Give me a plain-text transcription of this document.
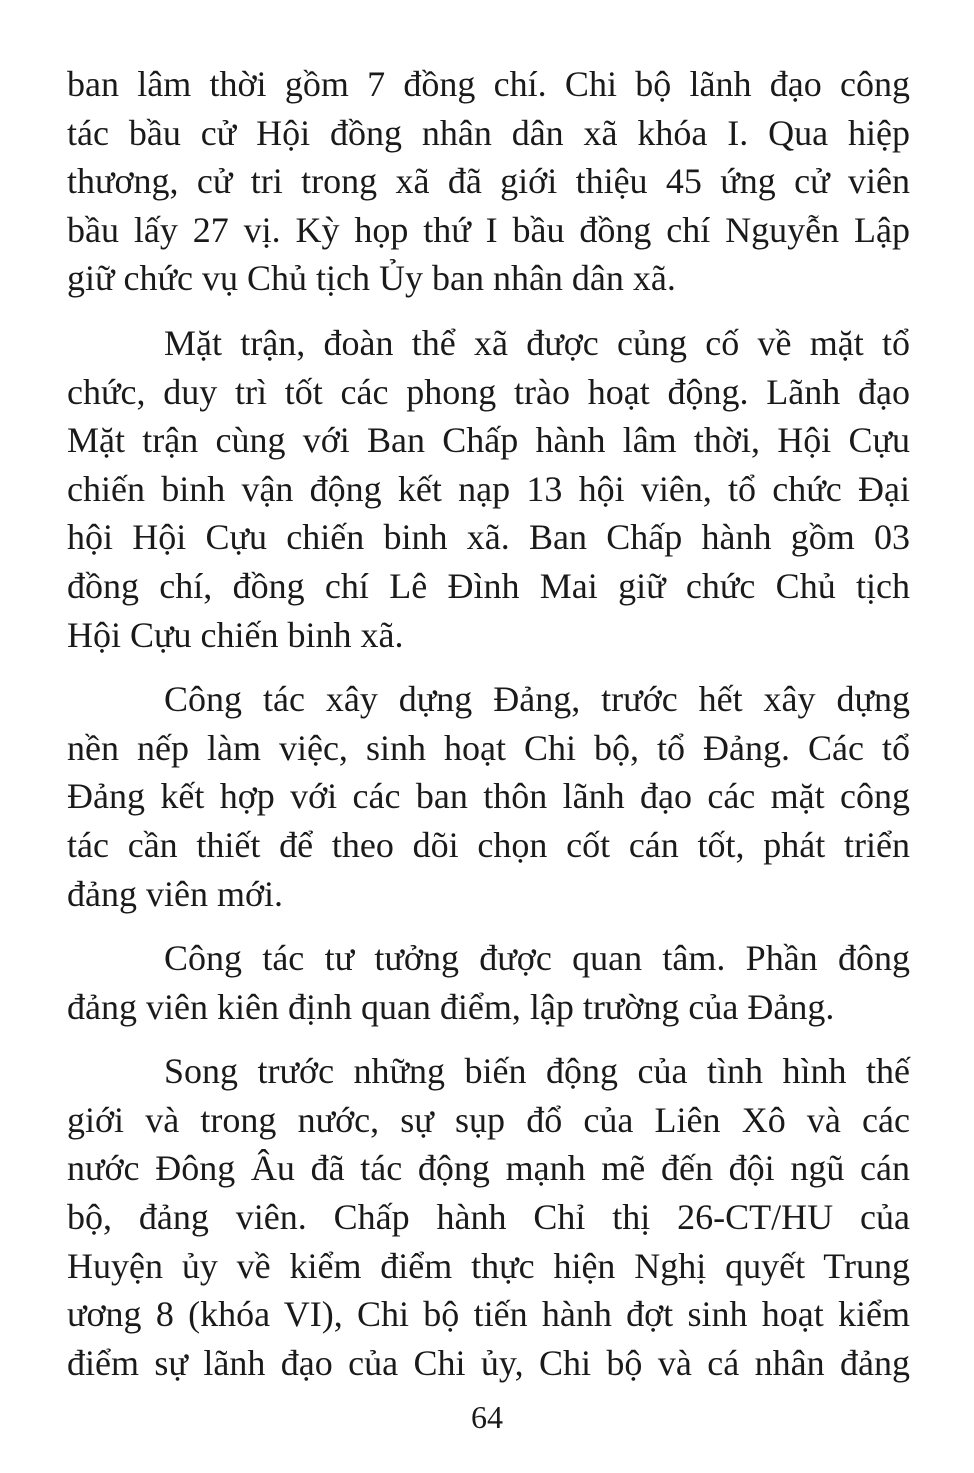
ban lâm thời gồm 7 đồng chí. Chi bộ lãnh đạo công
tác bầu cử Hội đồng nhân dân xã khóa I. Qua hiệp
thương, cử tri trong xã đã giới thiệu 45 ứng cử viên
bầu lấy 27 vị. Kỳ họp thứ I bầu đồng chí Nguyễn Lập
giữ chức vụ Chủ tịch Ủy ban nhân dân xã.
Mặt trận, đoàn thể xã được củng cố về mặt tổ
chức, duy trì tốt các phong trào hoạt động. Lãnh đạo
Mặt trận cùng với Ban Chấp hành lâm thời, Hội Cựu
chiến binh vận động kết nạp 13 hội viên, tổ chức Đại
hội Hội Cựu chiến binh xã. Ban Chấp hành gồm 03
đồng chí, đồng chí Lê Đình Mai giữ chức Chủ tịch
Hội Cựu chiến binh xã.
Công tác xây dựng Đảng, trước hết xây dựng
nền nếp làm việc, sinh hoạt Chi bộ, tổ Đảng. Các tổ
Đảng kết hợp với các ban thôn lãnh đạo các mặt công
tác cần thiết để theo dõi chọn cốt cán tốt, phát triển
đảng viên mới.
Công tác tư tưởng được quan tâm. Phần đông
đảng viên kiên định quan điểm, lập trường của Đảng.
Song trước những biến động của tình hình thế
giới và trong nước, sự sụp đổ của Liên Xô và các
nước Đông Âu đã tác động mạnh mẽ đến đội ngũ cán
bộ, đảng viên. Chấp hành Chỉ thị 26-CT/HU của
Huyện ủy về kiểm điểm thực hiện Nghị quyết Trung
ương 8 (khóa VI), Chi bộ tiến hành đợt sinh hoạt kiểm
điểm sự lãnh đạo của Chi ủy, Chi bộ và cá nhân đảng
64
